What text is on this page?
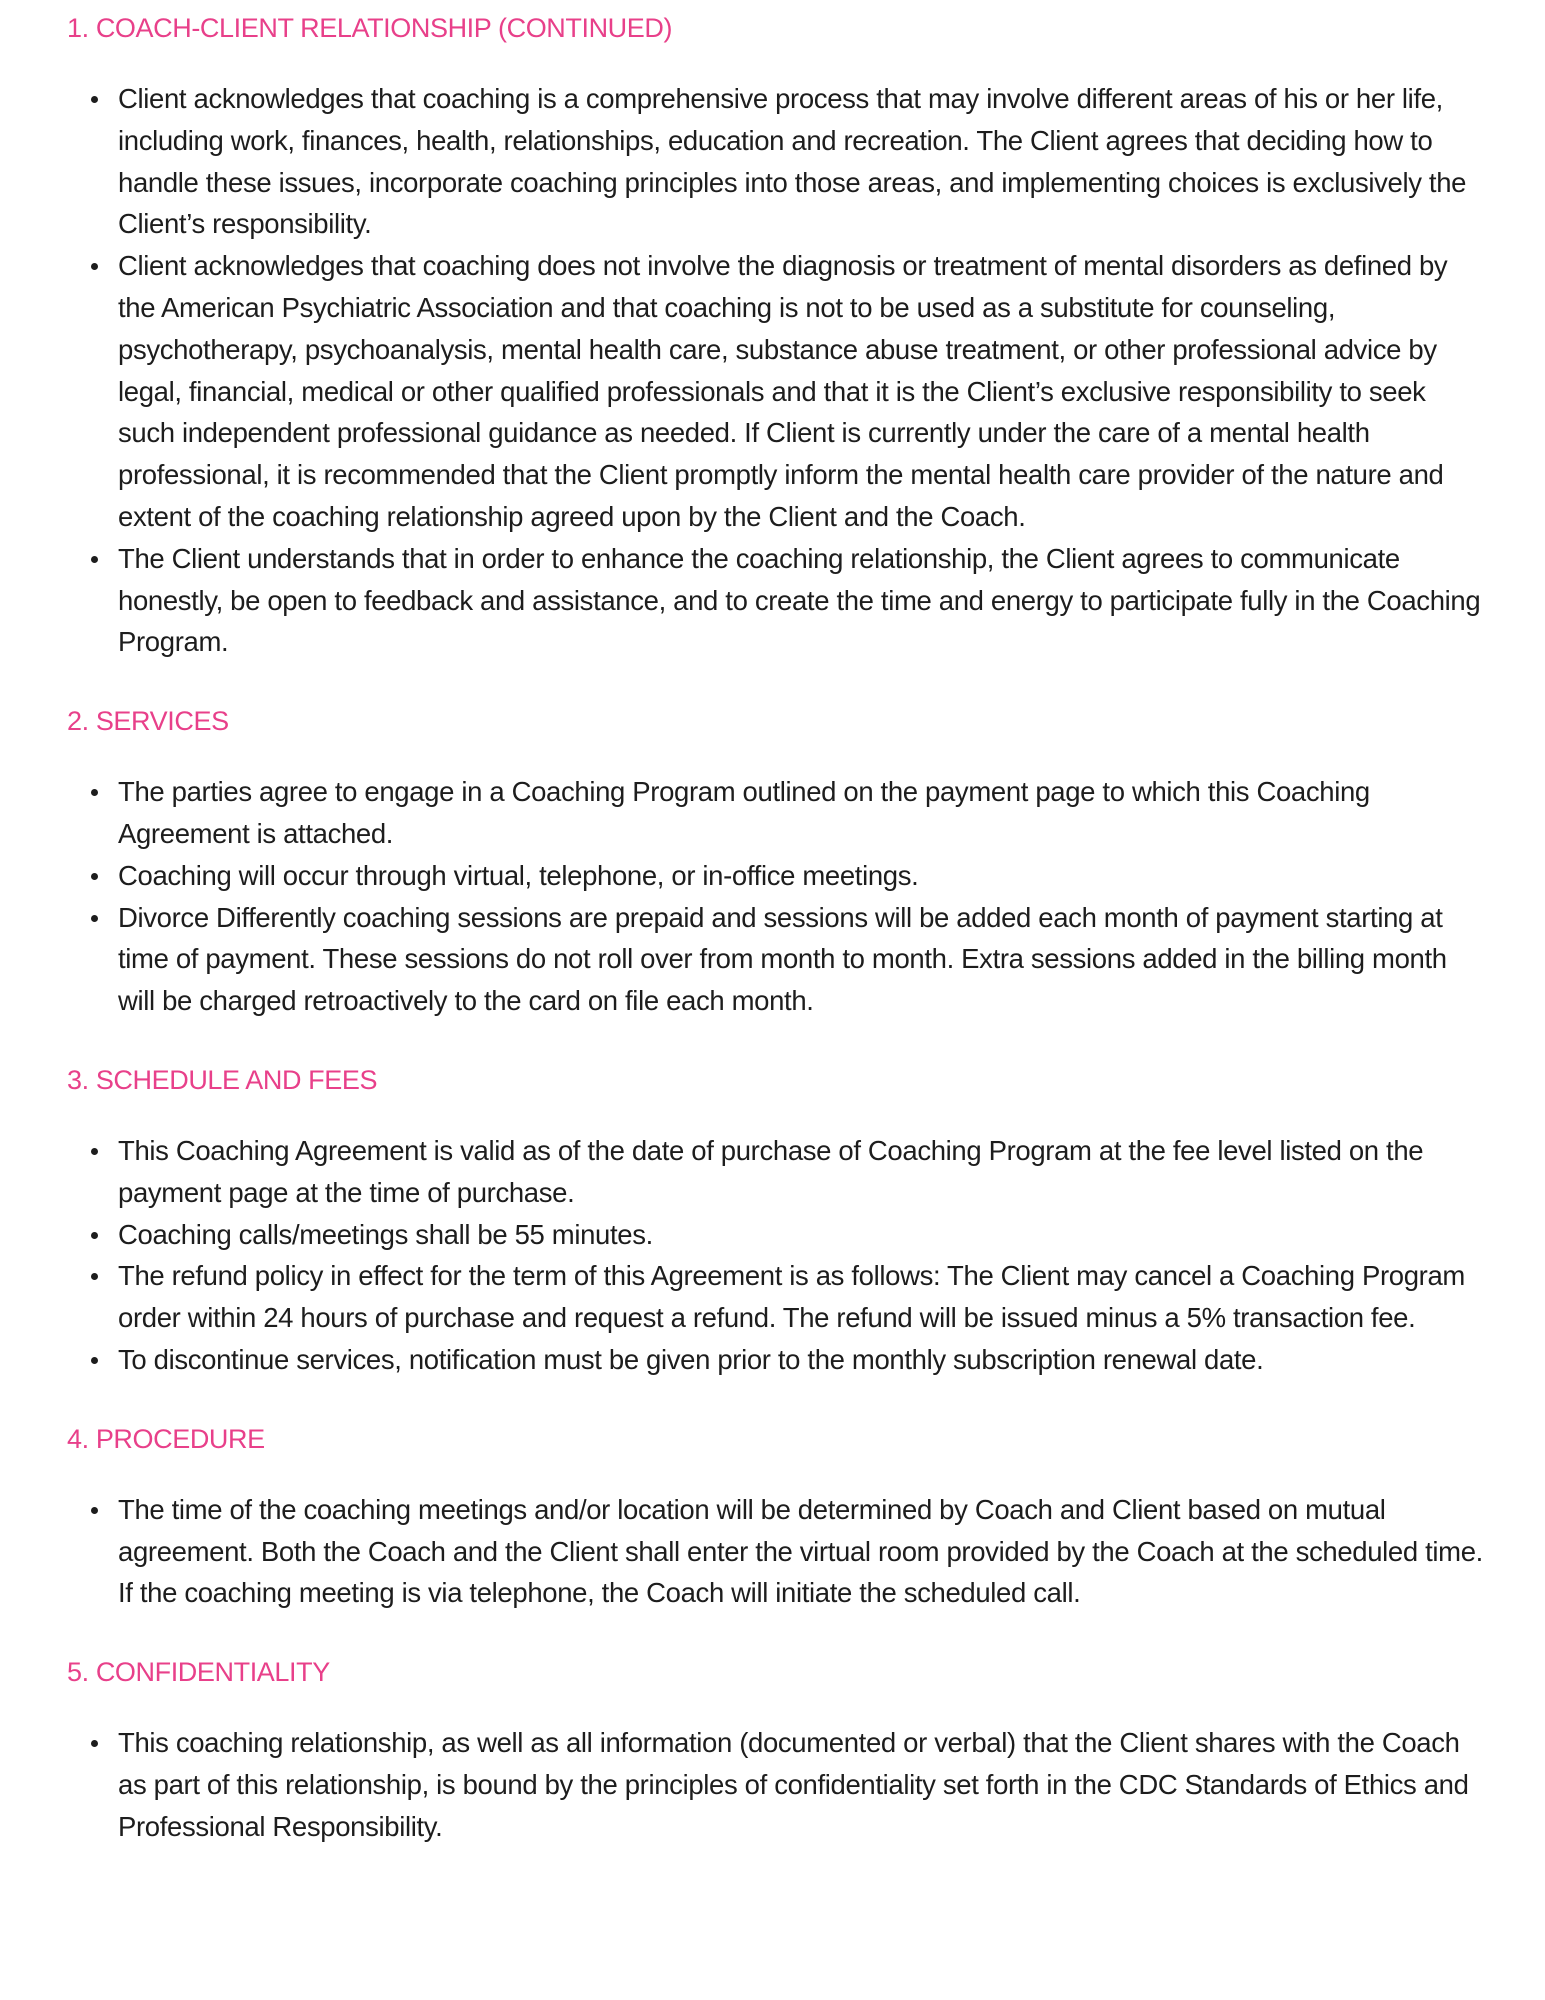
1. COACH-CLIENT RELATIONSHIP (CONTINUED)
Client acknowledges that coaching is a comprehensive process that may involve different areas of his or her life, including work, finances, health, relationships, education and recreation. The Client agrees that deciding how to handle these issues, incorporate coaching principles into those areas, and implementing choices is exclusively the Client’s responsibility.
Client acknowledges that coaching does not involve the diagnosis or treatment of mental disorders as defined by the American Psychiatric Association and that coaching is not to be used as a substitute for counseling, psychotherapy, psychoanalysis, mental health care, substance abuse treatment, or other professional advice by legal, financial, medical or other qualified professionals and that it is the Client’s exclusive responsibility to seek such independent professional guidance as needed. If Client is currently under the care of a mental health professional, it is recommended that the Client promptly inform the mental health care provider of the nature and extent of the coaching relationship agreed upon by the Client and the Coach.
The Client understands that in order to enhance the coaching relationship, the Client agrees to communicate honestly, be open to feedback and assistance, and to create the time and energy to participate fully in the Coaching Program.
2. SERVICES
The parties agree to engage in a Coaching Program outlined on the payment page to which this Coaching Agreement is attached.
Coaching will occur through virtual, telephone, or in-office meetings.
Divorce Differently coaching sessions are prepaid and sessions will be added each month of payment starting at time of payment. These sessions do not roll over from month to month. Extra sessions added in the billing month will be charged retroactively to the card on file each month.
3. SCHEDULE AND FEES
This Coaching Agreement is valid as of the date of purchase of Coaching Program at the fee level listed on the payment page at the time of purchase.
Coaching calls/meetings shall be 55 minutes.
The refund policy in effect for the term of this Agreement is as follows: The Client may cancel a Coaching Program order within 24 hours of purchase and request a refund. The refund will be issued minus a 5% transaction fee.
To discontinue services, notification must be given prior to the monthly subscription renewal date.
4. PROCEDURE
The time of the coaching meetings and/or location will be determined by Coach and Client based on mutual agreement. Both the Coach and the Client shall enter the virtual room provided by the Coach at the scheduled time. If the coaching meeting is via telephone, the Coach will initiate the scheduled call.
5. CONFIDENTIALITY
This coaching relationship, as well as all information (documented or verbal) that the Client shares with the Coach as part of this relationship, is bound by the principles of confidentiality set forth in the CDC Standards of Ethics and Professional Responsibility.
